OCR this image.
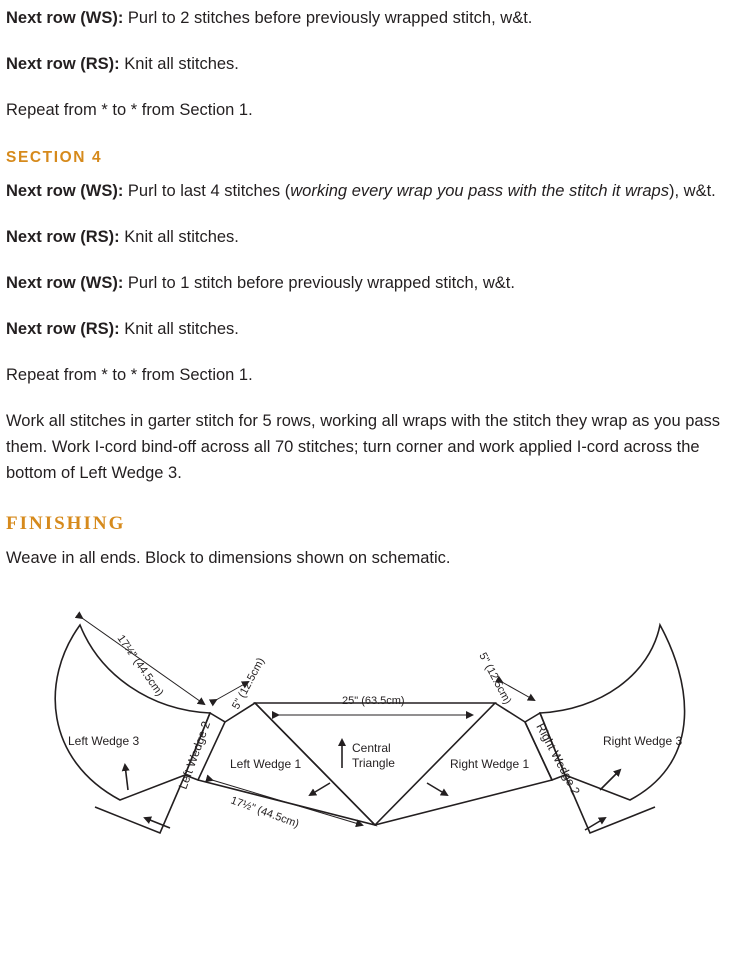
Next row (WS): Purl to 2 stitches before previously wrapped stitch, w&t.

Next row (RS): Knit all stitches.

Repeat from * to * from Section 1.

SECTION 4

Next row (WS): Purl to last 4 stitches (working every wrap you pass with the stitch it wraps), w&t.

Next row (RS): Knit all stitches.

Next row (WS): Purl to 1 stitch before previously wrapped stitch, w&t.

Next row (RS): Knit all stitches.

Repeat from * to * from Section 1.

Work all stitches in garter stitch for 5 rows, working all wraps with the stitch they wrap as you pass them. Work I-cord bind-off across all 70 stitches; turn corner and work applied I-cord across the bottom of Left Wedge 3.

FINISHING

Weave in all ends. Block to dimensions shown on schematic.

Left Wedge 3	Left Wedge 2 Left Wedge 1
Central
Triangle	Right Wedge 1 Right Wedge 2 Right Wedge 3
17½" (44.5cm)	5" (12.5cm)	25" (63.5cm)	5" (12.5cm)
17½" (44.5cm)
